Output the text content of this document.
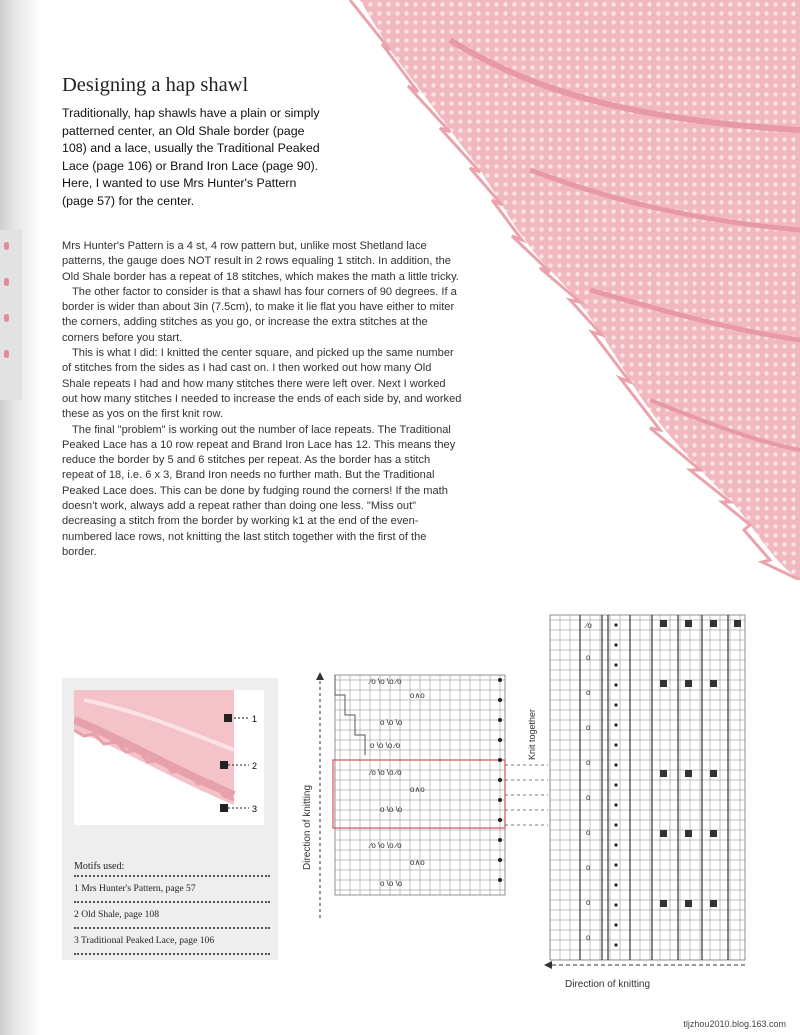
Designing a hap shawl

Traditionally, hap shawls have a plain or simply patterned center, an Old Shale border (page 108) and a lace, usually the Traditional Peaked Lace (page 106) or Brand Iron Lace (page 90). Here, I wanted to use Mrs Hunter's Pattern (page 57) for the center.

Mrs Hunter's Pattern is a 4 st, 4 row pattern but, unlike most Shetland lace patterns, the gauge does NOT result in 2 rows equaling 1 stitch. In addition, the Old Shale border has a repeat of 18 stitches, which makes the math a little tricky.

The other factor to consider is that a shawl has four corners of 90 degrees. If a border is wider than about 3in (7.5cm), to make it lie flat you have either to miter the corners, adding stitches as you go, or increase the extra stitches at the corners before you start.

This is what I did: I knitted the center square, and picked up the same number of stitches from the sides as I had cast on. I then worked out how many Old Shale repeats I had and how many stitches there were left over. Next I worked out how many stitches I needed to increase the ends of each side by, and worked these as yos on the first knit row.

The final "problem" is working out the number of lace repeats. The Traditional Peaked Lace has a 10 row repeat and Brand Iron Lace has 12. This means they reduce the border by 5 and 6 stitches per repeat. As the border has a stitch repeat of 18, i.e. 6 x 3, Brand Iron needs no further math. But the Traditional Peaked Lace does. This can be done by fudging round the corners! If the math doesn't work, always add a repeat rather than doing one less. "Miss out" decreasing a stitch from the border by working k1 at the end of the even-numbered lace rows, not knitting the last stitch together with the first of the border.

1
2
3
Motifs used:
1 Mrs Hunter's Pattern, page 57
2 Old Shale, page 108
3 Traditional Peaked Lace, page 106
Direction of knitting
∕o \o \o ∕o
o∧o
o \o \o
o \o \o ∕o
∕o \o \o ∕o
o∧o
o \o \o
∕o \o \o ∕o
o∧o
o \o \o
Knit together
∕o
o
o
o
o
o
o
o
o
o
Direction of knitting
tljzhou2010.blog.163.com
